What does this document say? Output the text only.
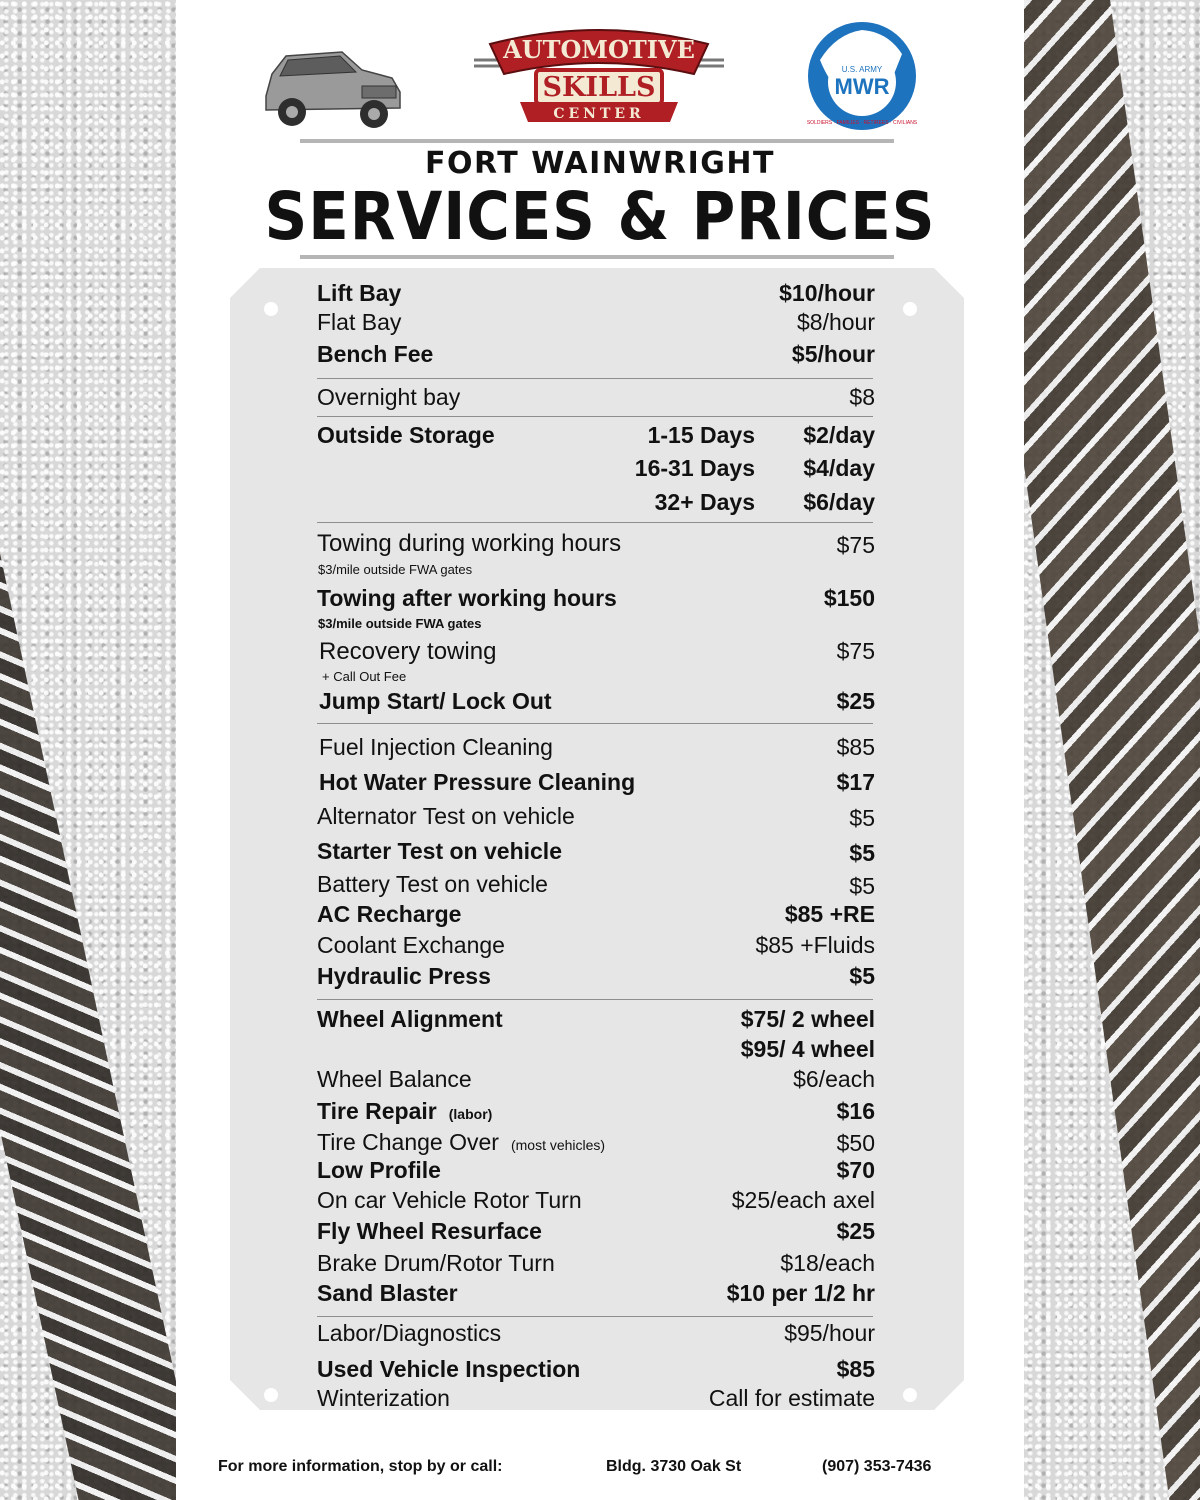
AUTOMOTIVE
SKILLS
CENTER
U.S. ARMY
MWR
SOLDIERS · FAMILIES · RETIREES · CIVILIANS
FORT WAINWRIGHT
SERVICES & PRICES
Lift Bay	$10/hour
Flat Bay	$8/hour
Bench Fee	$5/hour
Overnight bay	$8
Outside Storage	1-15 Days $2/day
16-31 Days $4/day
32+ Days $6/day
Towing during working hours	$75
$3/mile outside FWA gates
Towing after working hours	$150
$3/mile outside FWA gates
Recovery towing	$75
+ Call Out Fee
Jump Start/ Lock Out	$25
Fuel Injection Cleaning	$85
Hot Water Pressure Cleaning	$17
Alternator Test on vehicle	$5
Starter Test on vehicle	$5
Battery Test on vehicle	$5
AC Recharge	$85 +RE
Coolant Exchange	$85 +Fluids
Hydraulic Press	$5
Wheel Alignment	$75/ 2 wheel
$95/ 4 wheel
Wheel Balance	$6/each
Tire Repair (labor)	$16
Tire Change Over (most vehicles)	$50
Low Profile	$70
On car Vehicle Rotor Turn	$25/each axel
Fly Wheel Resurface	$25
Brake Drum/Rotor Turn	$18/each
Sand Blaster	$10 per 1/2 hr
Labor/Diagnostics	$95/hour
Used Vehicle Inspection	$85
Winterization	Call for estimate
For more information, stop by or call:	Bldg. 3730 Oak St	(907) 353-7436
